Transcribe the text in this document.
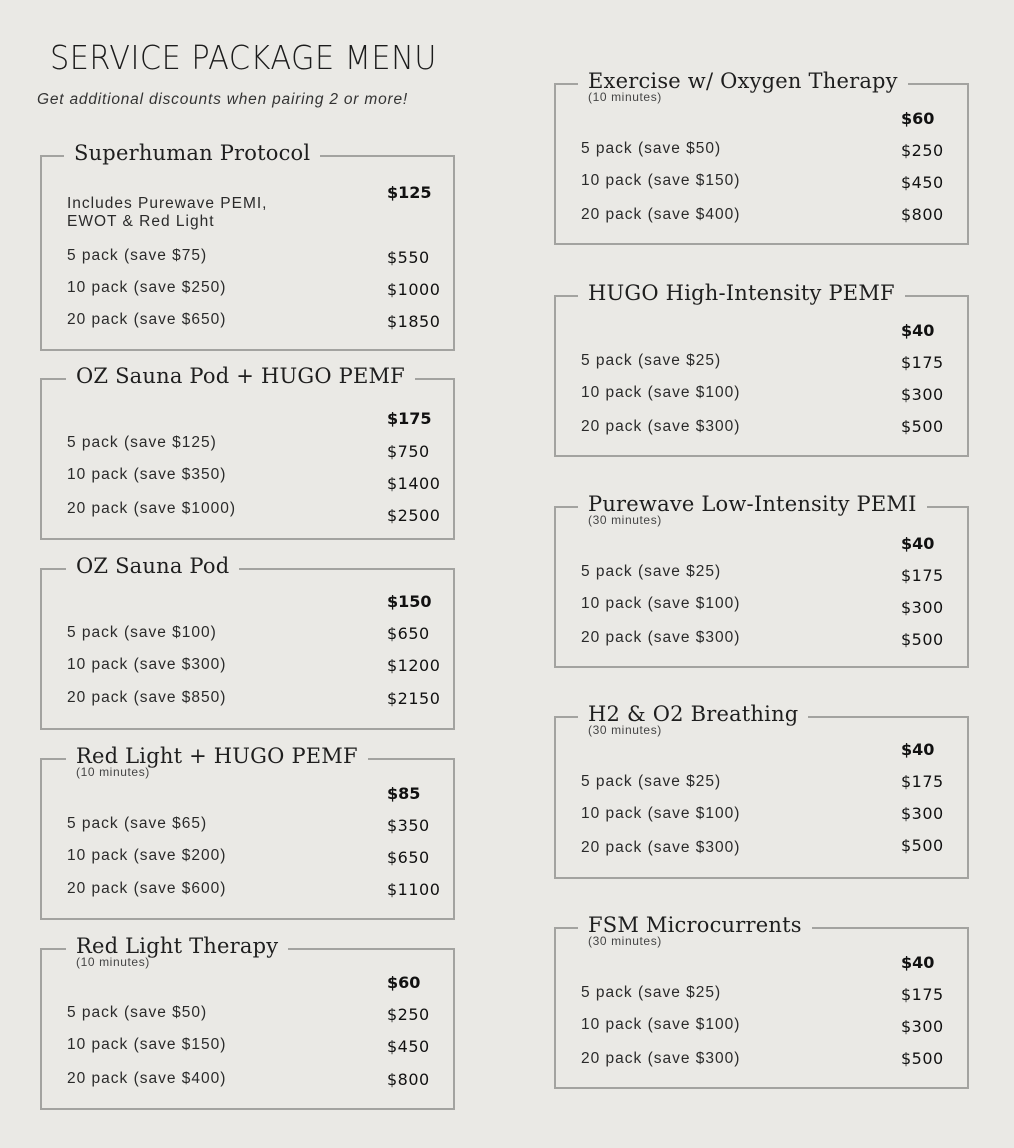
SERVICE PACKAGE MENU
Get additional discounts when pairing 2 or more!
Superhuman Protocol
Includes Purewave PEMI, EWOT & Red Light
$125
5 pack (save $75)	$550
10 pack (save $250)	$1000
20 pack (save $650)	$1850
OZ Sauna Pod + HUGO PEMF
$175
5 pack (save $125)	$750
10 pack (save $350)	$1400
20 pack (save $1000)	$2500
OZ Sauna Pod
$150
5 pack (save $100)	$650
10 pack (save $300)	$1200
20 pack (save $850)	$2150
Red Light + HUGO PEMF
(10 minutes)
$85
5 pack (save $65)	$350
10 pack (save $200)	$650
20 pack (save $600)	$1100
Red Light Therapy
(10 minutes)
$60
5 pack (save $50)	$250
10 pack (save $150)	$450
20 pack (save $400)	$800
Exercise w/ Oxygen Therapy
(10 minutes)
$60
5 pack (save $50)	$250
10 pack (save $150)	$450
20 pack (save $400)	$800
HUGO High-Intensity PEMF
$40
5 pack (save $25)	$175
10 pack (save $100)	$300
20 pack (save $300)	$500
Purewave Low-Intensity PEMI
(30 minutes)
$40
5 pack (save $25)	$175
10 pack (save $100)	$300
20 pack (save $300)	$500
H2 & O2 Breathing
(30 minutes)
$40
5 pack (save $25)	$175
10 pack (save $100)	$300
20 pack (save $300)	$500
FSM Microcurrents
(30 minutes)
$40
5 pack (save $25)	$175
10 pack (save $100)	$300
20 pack (save $300)	$500
